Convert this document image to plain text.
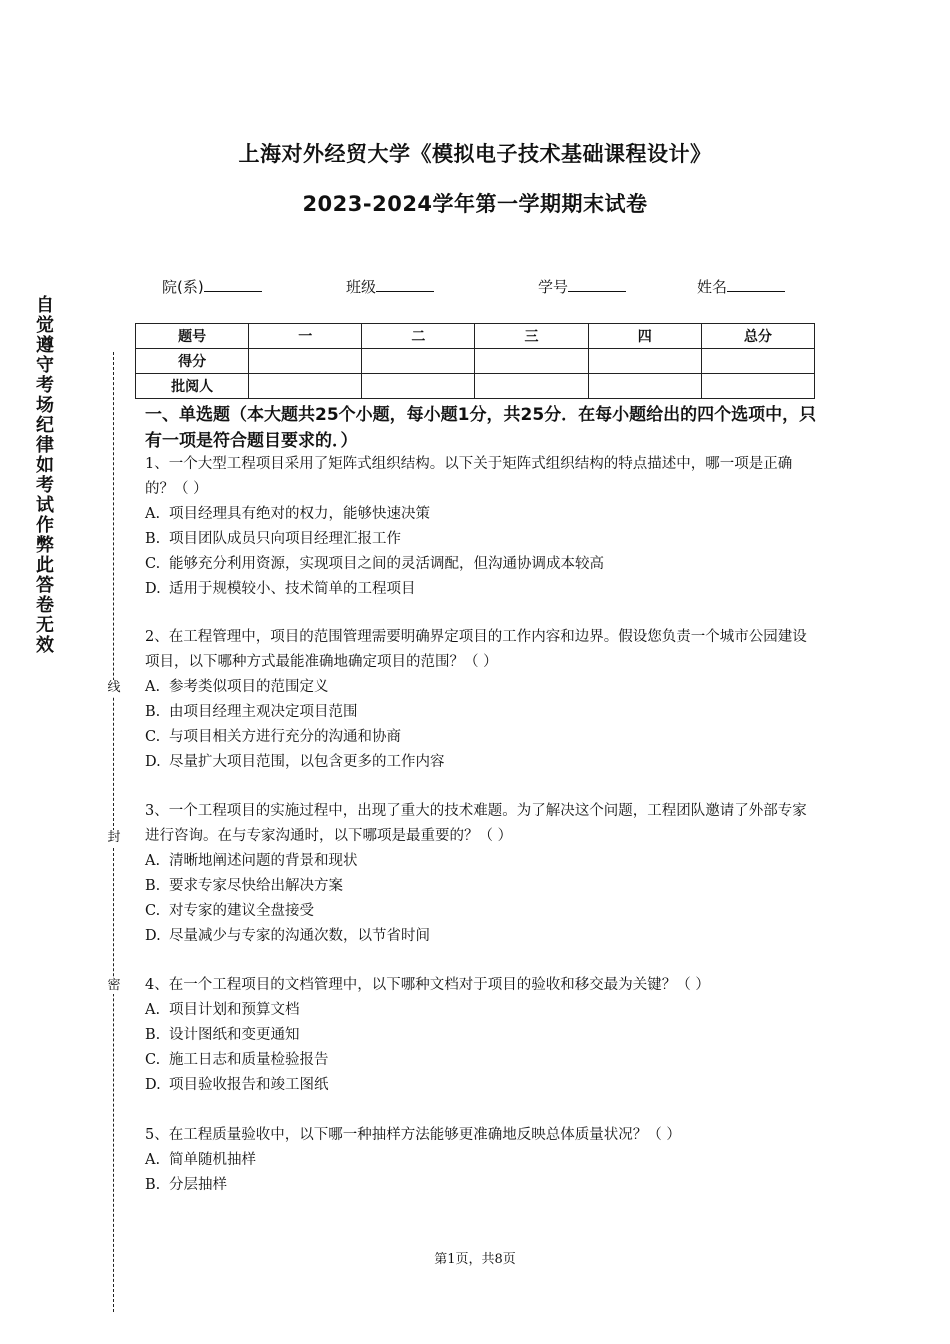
上海对外经贸大学《模拟电子技术基础课程设计》
2023-2024学年第一学期期末试卷
院(系)	班级	学号	姓名
自觉遵守考场纪律如考试作弊此答卷无效
线
封
密
题号	一	二	三	四	总分
得分					
批阅人					
一、单选题（本大题共25个小题，每小题1分，共25分．在每小题给出的四个选项中，只有一项是符合题目要求的．）

1、一个大型工程项目采用了矩阵式组织结构。以下关于矩阵式组织结构的特点描述中，哪一项是正确的？（ ）

A. 项目经理具有绝对的权力，能够快速决策

B. 项目团队成员只向项目经理汇报工作

C. 能够充分利用资源，实现项目之间的灵活调配，但沟通协调成本较高

D. 适用于规模较小、技术简单的工程项目

2、在工程管理中，项目的范围管理需要明确界定项目的工作内容和边界。假设您负责一个城市公园建设项目，以下哪种方式最能准确地确定项目的范围？（ ）

A. 参考类似项目的范围定义

B. 由项目经理主观决定项目范围

C. 与项目相关方进行充分的沟通和协商

D. 尽量扩大项目范围，以包含更多的工作内容

3、一个工程项目的实施过程中，出现了重大的技术难题。为了解决这个问题，工程团队邀请了外部专家进行咨询。在与专家沟通时，以下哪项是最重要的？（ ）

A. 清晰地阐述问题的背景和现状

B. 要求专家尽快给出解决方案

C. 对专家的建议全盘接受

D. 尽量减少与专家的沟通次数，以节省时间

4、在一个工程项目的文档管理中，以下哪种文档对于项目的验收和移交最为关键？（ ）

A. 项目计划和预算文档

B. 设计图纸和变更通知

C. 施工日志和质量检验报告

D. 项目验收报告和竣工图纸

5、在工程质量验收中，以下哪一种抽样方法能够更准确地反映总体质量状况？（ ）

A. 简单随机抽样

B. 分层抽样

第1页，共8页
